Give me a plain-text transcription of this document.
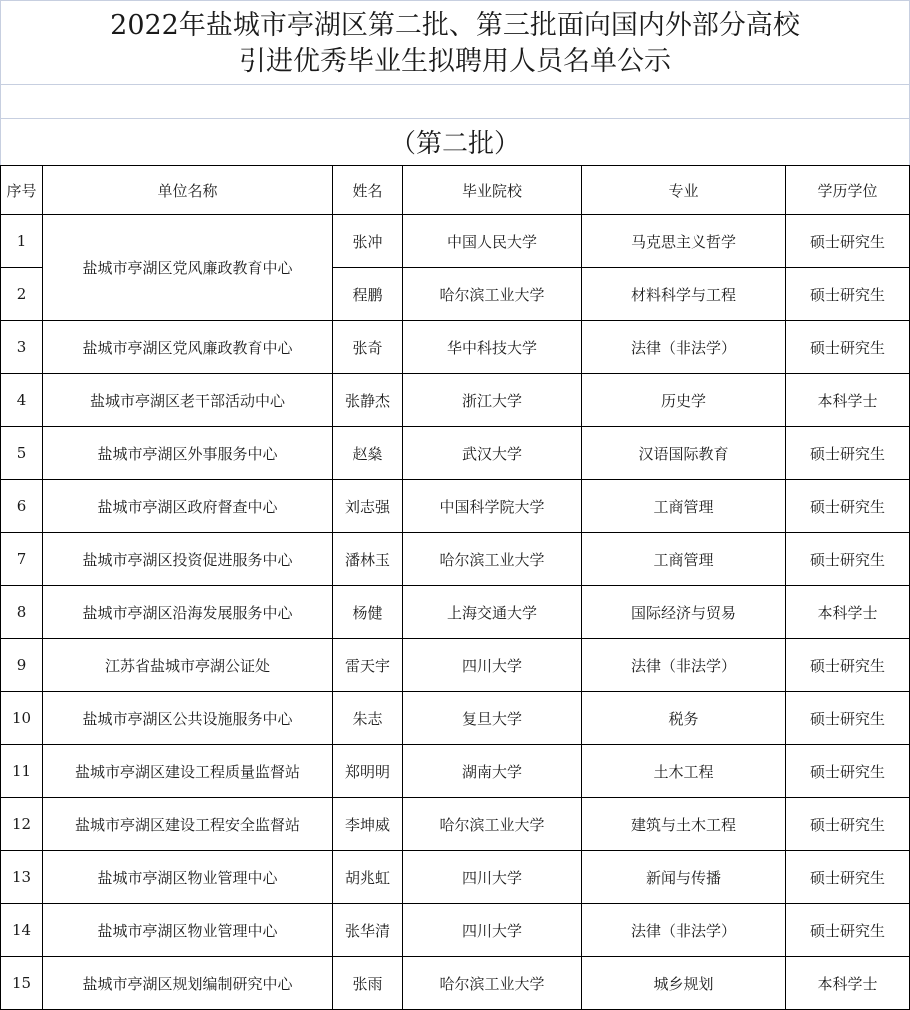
2022年盐城市亭湖区第二批、第三批面向国内外部分高校
引进优秀毕业生拟聘用人员名单公示
（第二批）
序号	单位名称	姓名	毕业院校	专业	学历学位
1	盐城市亭湖区党风廉政教育中心	张冲	中国人民大学	马克思主义哲学	硕士研究生
2		程鹏	哈尔滨工业大学	材料科学与工程	硕士研究生
3	盐城市亭湖区党风廉政教育中心	张奇	华中科技大学	法律（非法学）	硕士研究生
4	盐城市亭湖区老干部活动中心	张静杰	浙江大学	历史学	本科学士
5	盐城市亭湖区外事服务中心	赵燊	武汉大学	汉语国际教育	硕士研究生
6	盐城市亭湖区政府督查中心	刘志强	中国科学院大学	工商管理	硕士研究生
7	盐城市亭湖区投资促进服务中心	潘林玉	哈尔滨工业大学	工商管理	硕士研究生
8	盐城市亭湖区沿海发展服务中心	杨健	上海交通大学	国际经济与贸易	本科学士
9	江苏省盐城市亭湖公证处	雷天宇	四川大学	法律（非法学）	硕士研究生
10	盐城市亭湖区公共设施服务中心	朱志	复旦大学	税务	硕士研究生
11	盐城市亭湖区建设工程质量监督站	郑明明	湖南大学	土木工程	硕士研究生
12	盐城市亭湖区建设工程安全监督站	李坤威	哈尔滨工业大学	建筑与土木工程	硕士研究生
13	盐城市亭湖区物业管理中心	胡兆虹	四川大学	新闻与传播	硕士研究生
14	盐城市亭湖区物业管理中心	张华清	四川大学	法律（非法学）	硕士研究生
15	盐城市亭湖区规划编制研究中心	张雨	哈尔滨工业大学	城乡规划	本科学士
